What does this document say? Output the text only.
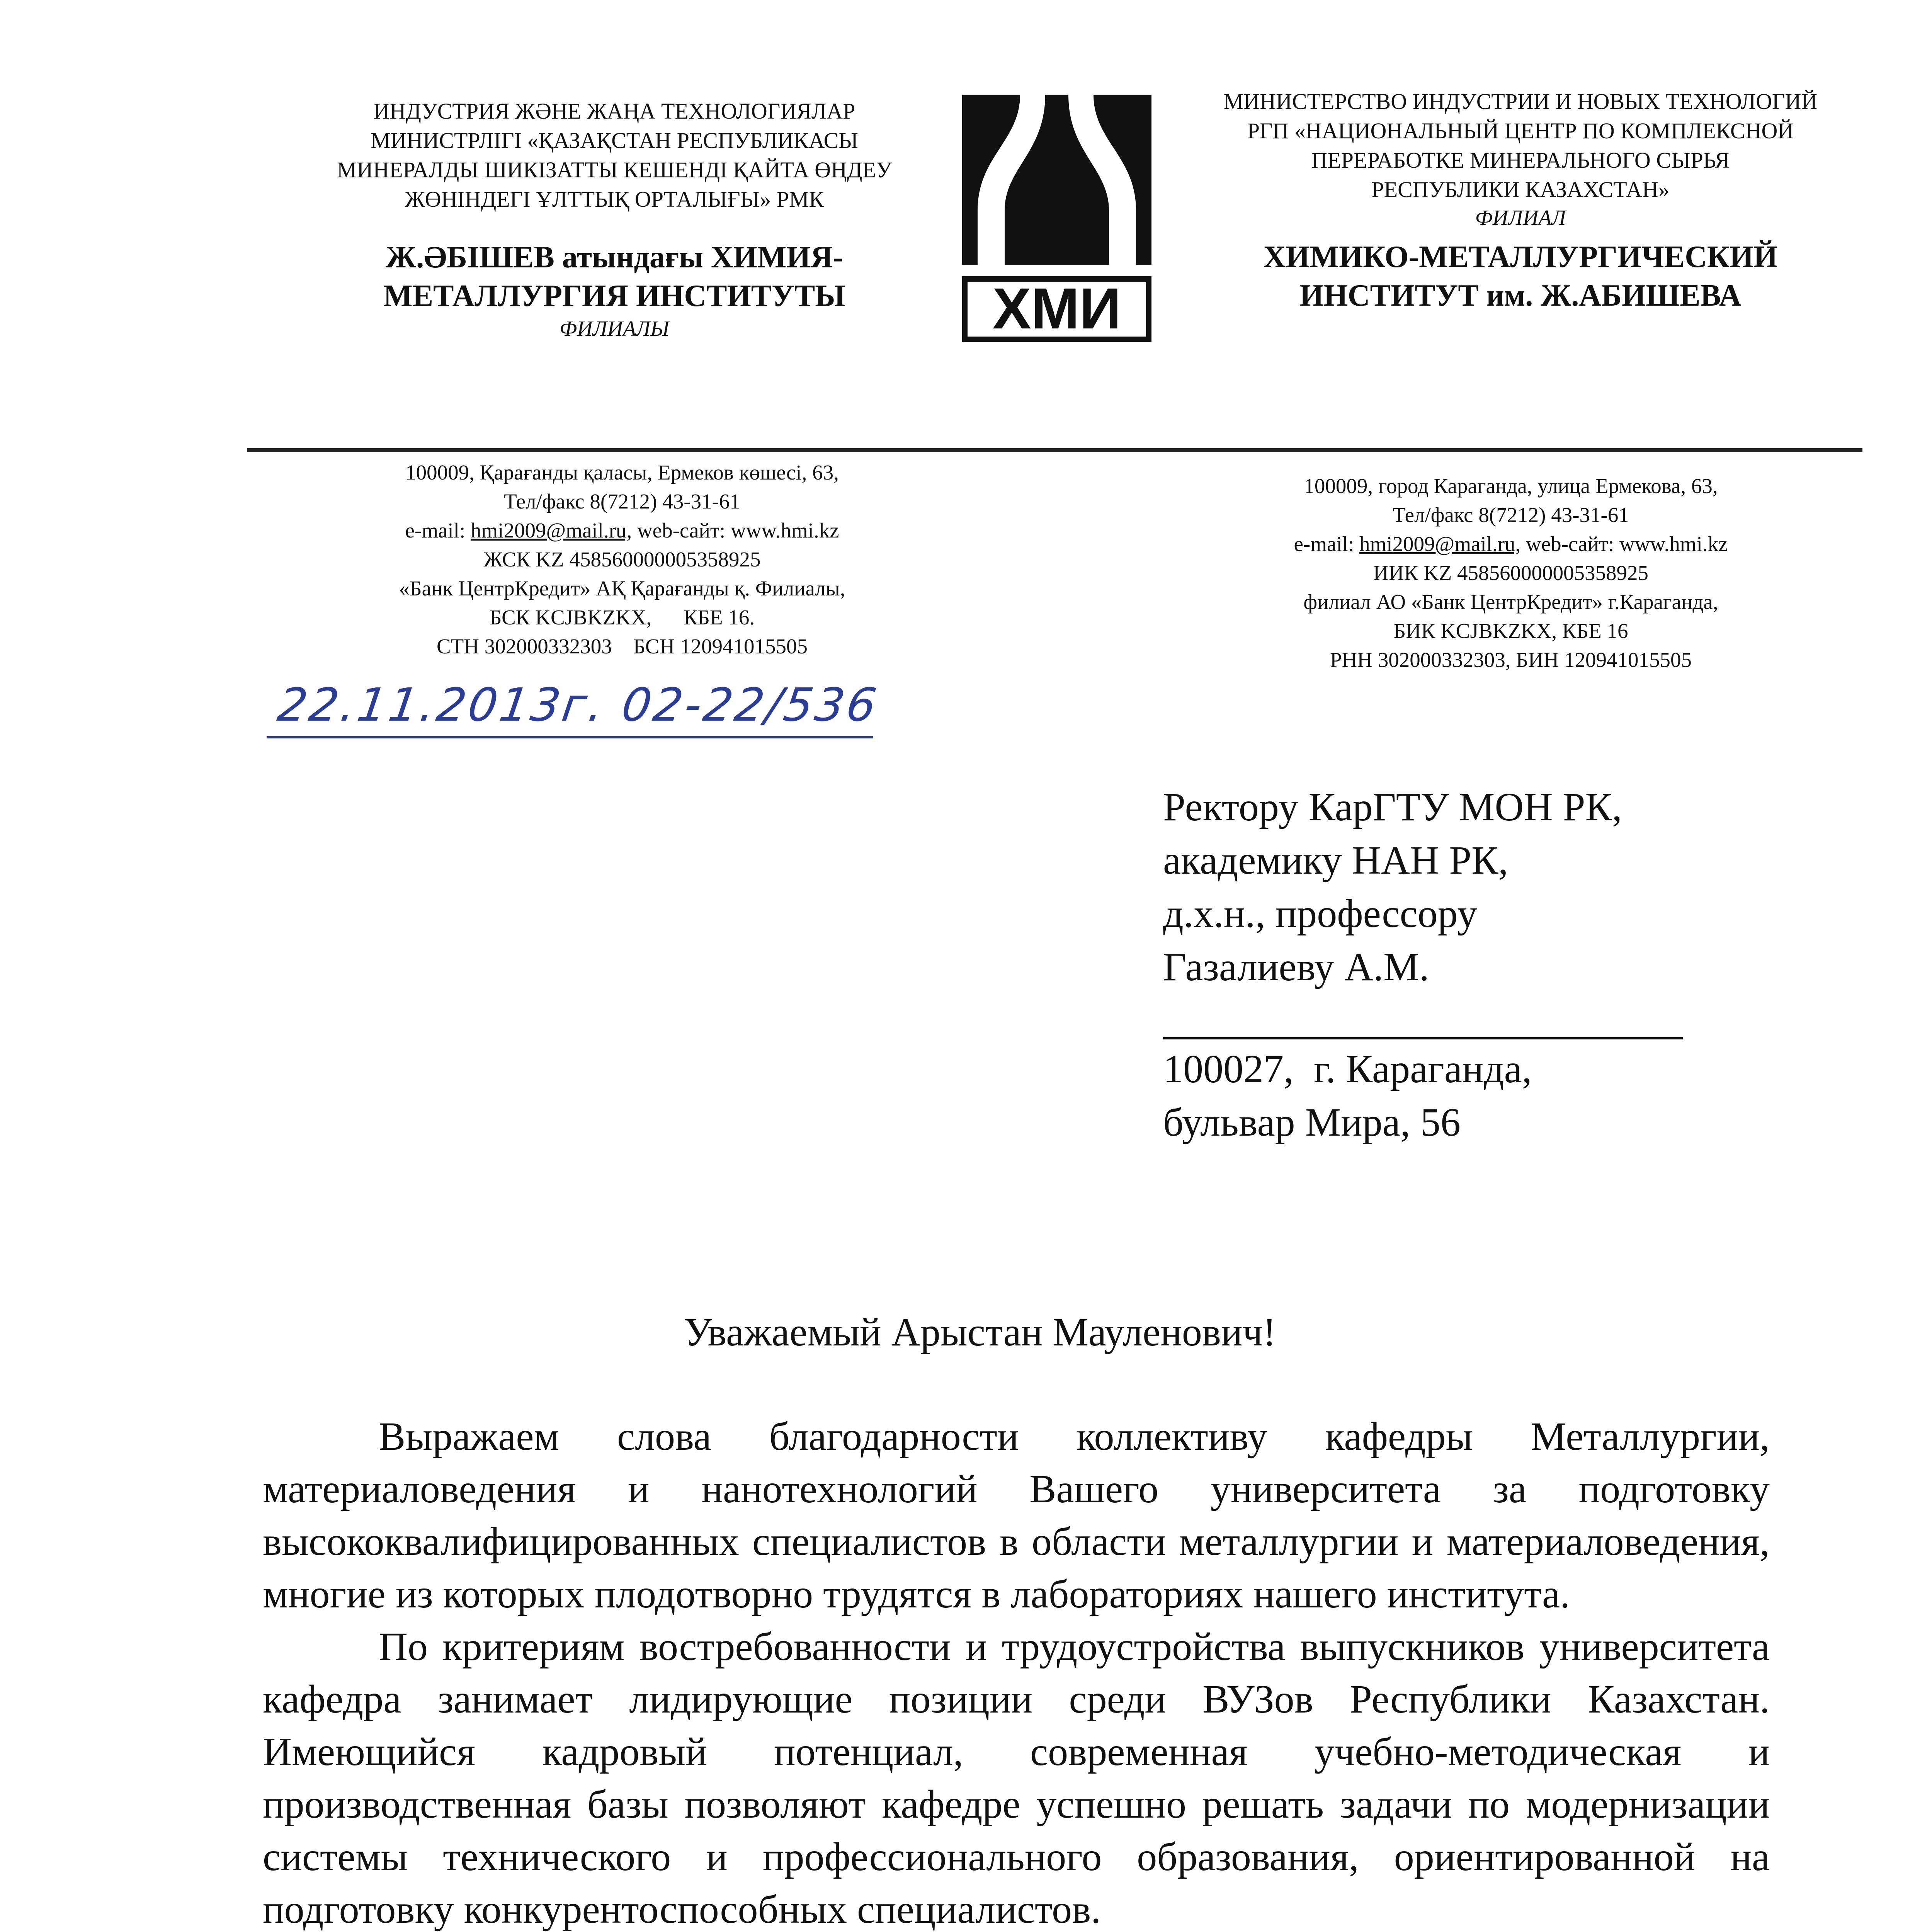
ИНДУСТРИЯ ЖӘНЕ ЖАҢА ТЕХНОЛОГИЯЛАР
МИНИСТРЛІГІ «ҚАЗАҚСТАН РЕСПУБЛИКАСЫ
МИНЕРАЛДЫ ШИКІЗАТТЫ КЕШЕНДІ ҚАЙТА ӨҢДЕУ
ЖӨНІНДЕГІ ҰЛТТЫҚ ОРТАЛЫҒЫ» РМК
Ж.ӘБІШЕВ атындағы ХИМИЯ-
МЕТАЛЛУРГИЯ ИНСТИТУТЫ
ФИЛИАЛЫ	ХМИ
МИНИСТЕРСТВО ИНДУСТРИИ И НОВЫХ ТЕХНОЛОГИЙ
РГП «НАЦИОНАЛЬНЫЙ ЦЕНТР ПО КОМПЛЕКСНОЙ
ПЕРЕРАБОТКЕ МИНЕРАЛЬНОГО СЫРЬЯ
РЕСПУБЛИКИ КАЗАХСТАН»
ФИЛИАЛ
ХИМИКО-МЕТАЛЛУРГИЧЕСКИЙ
ИНСТИТУТ им. Ж.АБИШЕВА
100009, Қарағанды қаласы, Ермеков көшесі, 63,
Тел/факс 8(7212) 43-31-61
e-mail: hmi2009@mail.ru, web-сайт: www.hmi.kz
ЖСК KZ 458560000005358925
«Банк ЦентрКредит» АҚ Қарағанды қ. Филиалы,
БСК KCJBKZKX,      КБЕ 16.
СТН 302000332303    БСН 120941015505
100009, город Караганда, улица Ермекова, 63,
Тел/факс 8(7212) 43-31-61
e-mail: hmi2009@mail.ru, web-сайт: www.hmi.kz
ИИК KZ 458560000005358925
филиал АО «Банк ЦентрКредит» г.Караганда,
БИК KCJBKZKX, КБЕ 16
РНН 302000332303, БИН 120941015505
22.11.2013г. 02-22/536
Ректору КарГТУ МОН РК,
академику НАН РК,
д.х.н., профессору
Газалиеву А.М.
100027,  г. Караганда,
бульвар Мира, 56
Уважаемый Арыстан Мауленович!

Выражаем слова благодарности коллективу кафедры Металлургии, материаловедения и нанотехнологий Вашего университета за подготовку высококвалифицированных специалистов в области металлургии и материаловедения, многие из которых плодотворно трудятся в лабораториях нашего института.

По критериям востребованности и трудоустройства выпускников университета кафедра занимает лидирующие позиции среди ВУЗов Республики Казахстан. Имеющийся кадровый потенциал, современная учебно-методическая и производственная базы позволяют кафедре успешно решать задачи по модернизации системы технического и профессионального образования, ориентированной на подготовку конкурентоспособных специалистов.
